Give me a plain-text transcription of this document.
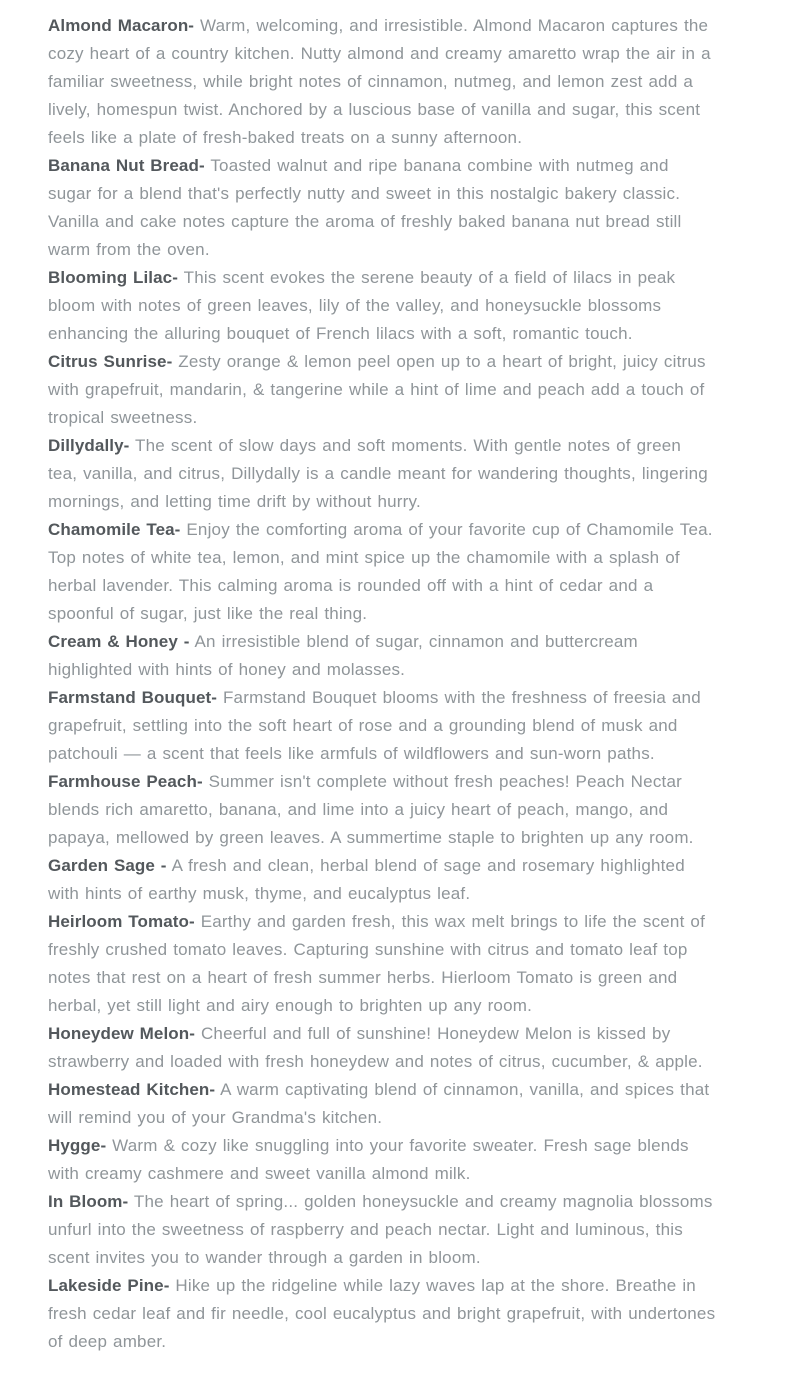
Almond Macaron- Warm, welcoming, and irresistible. Almond Macaron captures the cozy heart of a country kitchen. Nutty almond and creamy amaretto wrap the air in a familiar sweetness, while bright notes of cinnamon, nutmeg, and lemon zest add a lively, homespun twist. Anchored by a luscious base of vanilla and sugar, this scent feels like a plate of fresh-baked treats on a sunny afternoon.

Banana Nut Bread- Toasted walnut and ripe banana combine with nutmeg and sugar for a blend that's perfectly nutty and sweet in this nostalgic bakery classic. Vanilla and cake notes capture the aroma of freshly baked banana nut bread still warm from the oven.

Blooming Lilac- This scent evokes the serene beauty of a field of lilacs in peak bloom with notes of green leaves, lily of the valley, and honeysuckle blossoms enhancing the alluring bouquet of French lilacs with a soft, romantic touch.

Citrus Sunrise- Zesty orange & lemon peel open up to a heart of bright, juicy citrus with grapefruit, mandarin, & tangerine while a hint of lime and peach add a touch of tropical sweetness.

Dillydally- The scent of slow days and soft moments. With gentle notes of green tea, vanilla, and citrus, Dillydally is a candle meant for wandering thoughts, lingering mornings, and letting time drift by without hurry.

Chamomile Tea- Enjoy the comforting aroma of your favorite cup of Chamomile Tea. Top notes of white tea, lemon, and mint spice up the chamomile with a splash of herbal lavender. This calming aroma is rounded off with a hint of cedar and a spoonful of sugar, just like the real thing.

Cream & Honey - An irresistible blend of sugar, cinnamon and buttercream highlighted with hints of honey and molasses.

Farmstand Bouquet- Farmstand Bouquet blooms with the freshness of freesia and grapefruit, settling into the soft heart of rose and a grounding blend of musk and patchouli — a scent that feels like armfuls of wildflowers and sun-worn paths.

Farmhouse Peach- Summer isn't complete without fresh peaches! Peach Nectar blends rich amaretto, banana, and lime into a juicy heart of peach, mango, and papaya, mellowed by green leaves. A summertime staple to brighten up any room.

Garden Sage - A fresh and clean, herbal blend of sage and rosemary highlighted with hints of earthy musk, thyme, and eucalyptus leaf.

Heirloom Tomato- Earthy and garden fresh, this wax melt brings to life the scent of freshly crushed tomato leaves. Capturing sunshine with citrus and tomato leaf top notes that rest on a heart of fresh summer herbs. Hierloom Tomato is green and herbal, yet still light and airy enough to brighten up any room.

Honeydew Melon- Cheerful and full of sunshine! Honeydew Melon is kissed by strawberry and loaded with fresh honeydew and notes of citrus, cucumber, & apple.

Homestead Kitchen- A warm captivating blend of cinnamon, vanilla, and spices that will remind you of your Grandma's kitchen.

Hygge- Warm & cozy like snuggling into your favorite sweater. Fresh sage blends with creamy cashmere and sweet vanilla almond milk.

In Bloom- The heart of spring... golden honeysuckle and creamy magnolia blossoms unfurl into the sweetness of raspberry and peach nectar. Light and luminous, this scent invites you to wander through a garden in bloom.

Lakeside Pine- Hike up the ridgeline while lazy waves lap at the shore. Breathe in fresh cedar leaf and fir needle, cool eucalyptus and bright grapefruit, with undertones of deep amber.
